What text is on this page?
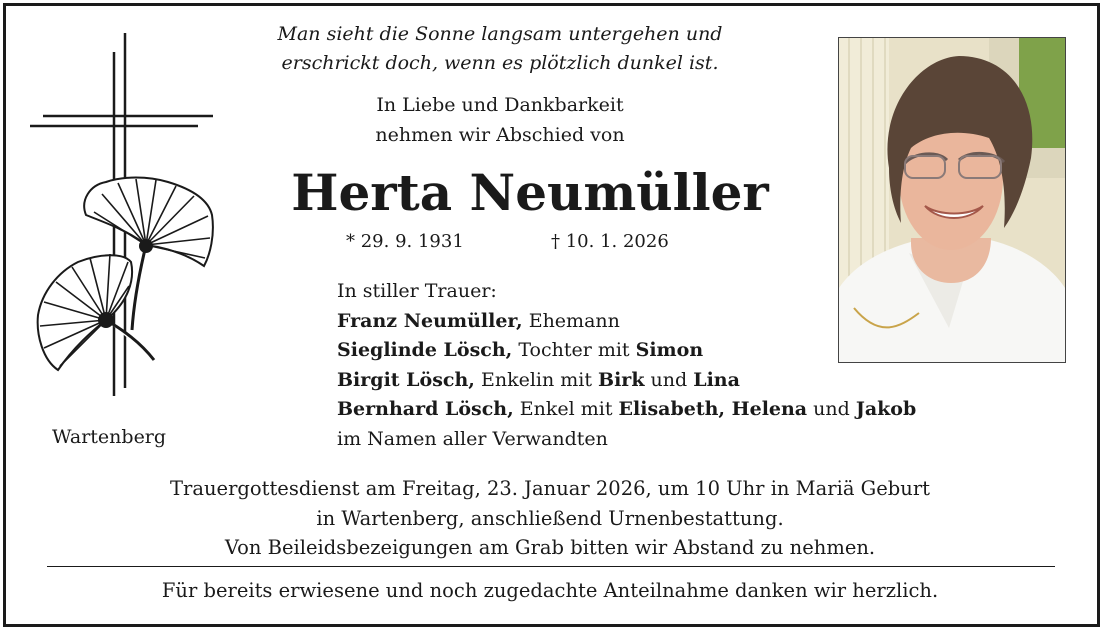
Man sieht die Sonne langsam untergehen und
erschrickt doch, wenn es plötzlich dunkel ist.
In Liebe und Dankbarkeit
nehmen wir Abschied von
Herta Neumüller
* 29. 9. 1931	† 10. 1. 2026
In stiller Trauer:
Franz Neumüller, Ehemann
Sieglinde Lösch, Tochter mit Simon
Birgit Lösch, Enkelin mit Birk und Lina
Bernhard Lösch, Enkel mit Elisabeth, Helena und Jakob
im Namen aller Verwandten
Wartenberg
Trauergottesdienst am Freitag, 23. Januar 2026, um 10 Uhr in Mariä Geburt
in Wartenberg, anschließend Urnenbestattung.
Von Beileidsbezeigungen am Grab bitten wir Abstand zu nehmen.
Für bereits erwiesene und noch zugedachte Anteilnahme danken wir herzlich.
